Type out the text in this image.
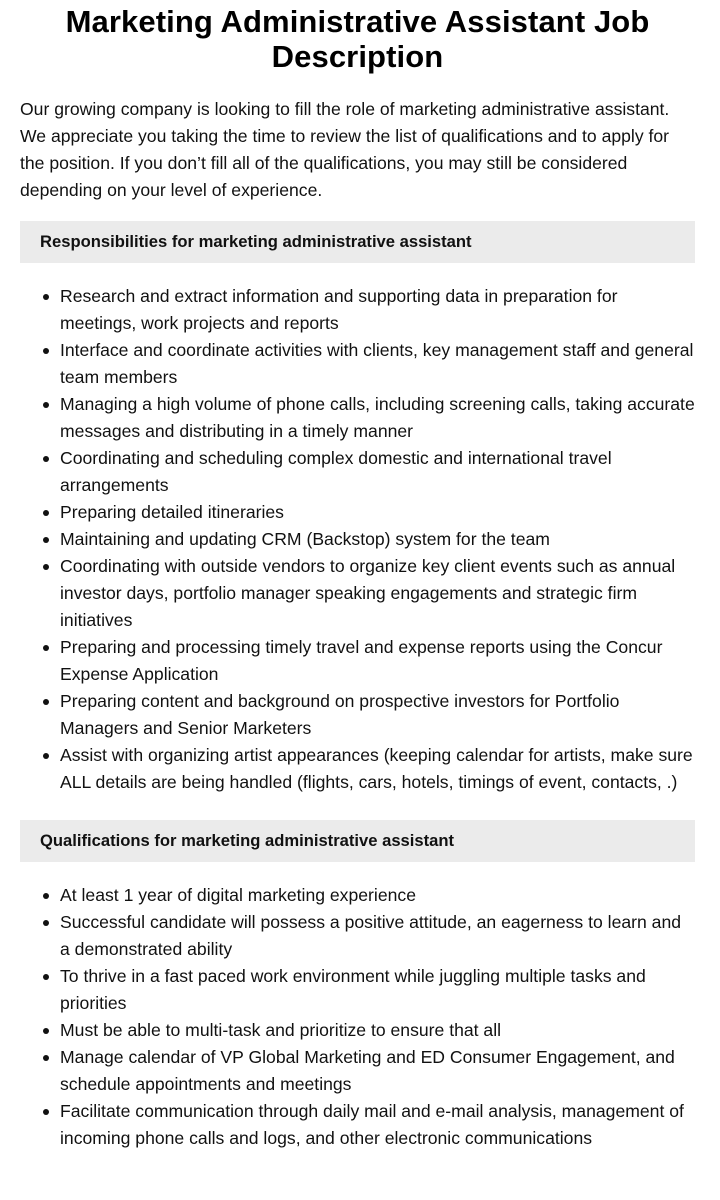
Marketing Administrative Assistant Job Description

Our growing company is looking to fill the role of marketing administrative assistant. We appreciate you taking the time to review the list of qualifications and to apply for the position. If you don’t fill all of the qualifications, you may still be considered depending on your level of experience.

Responsibilities for marketing administrative assistant
Research and extract information and supporting data in preparation for meetings, work projects and reports
Interface and coordinate activities with clients, key management staff and general team members
Managing a high volume of phone calls, including screening calls, taking accurate messages and distributing in a timely manner
Coordinating and scheduling complex domestic and international travel arrangements
Preparing detailed itineraries
Maintaining and updating CRM (Backstop) system for the team
Coordinating with outside vendors to organize key client events such as annual investor days, portfolio manager speaking engagements and strategic firm initiatives
Preparing and processing timely travel and expense reports using the Concur Expense Application
Preparing content and background on prospective investors for Portfolio Managers and Senior Marketers
Assist with organizing artist appearances (keeping calendar for artists, make sure ALL details are being handled (flights, cars, hotels, timings of event, contacts, .)
Qualifications for marketing administrative assistant
At least 1 year of digital marketing experience
Successful candidate will possess a positive attitude, an eagerness to learn and a demonstrated ability
To thrive in a fast paced work environment while juggling multiple tasks and priorities
Must be able to multi-task and prioritize to ensure that all
Manage calendar of VP Global Marketing and ED Consumer Engagement, and schedule appointments and meetings
Facilitate communication through daily mail and e-mail analysis, management of incoming phone calls and logs, and other electronic communications
